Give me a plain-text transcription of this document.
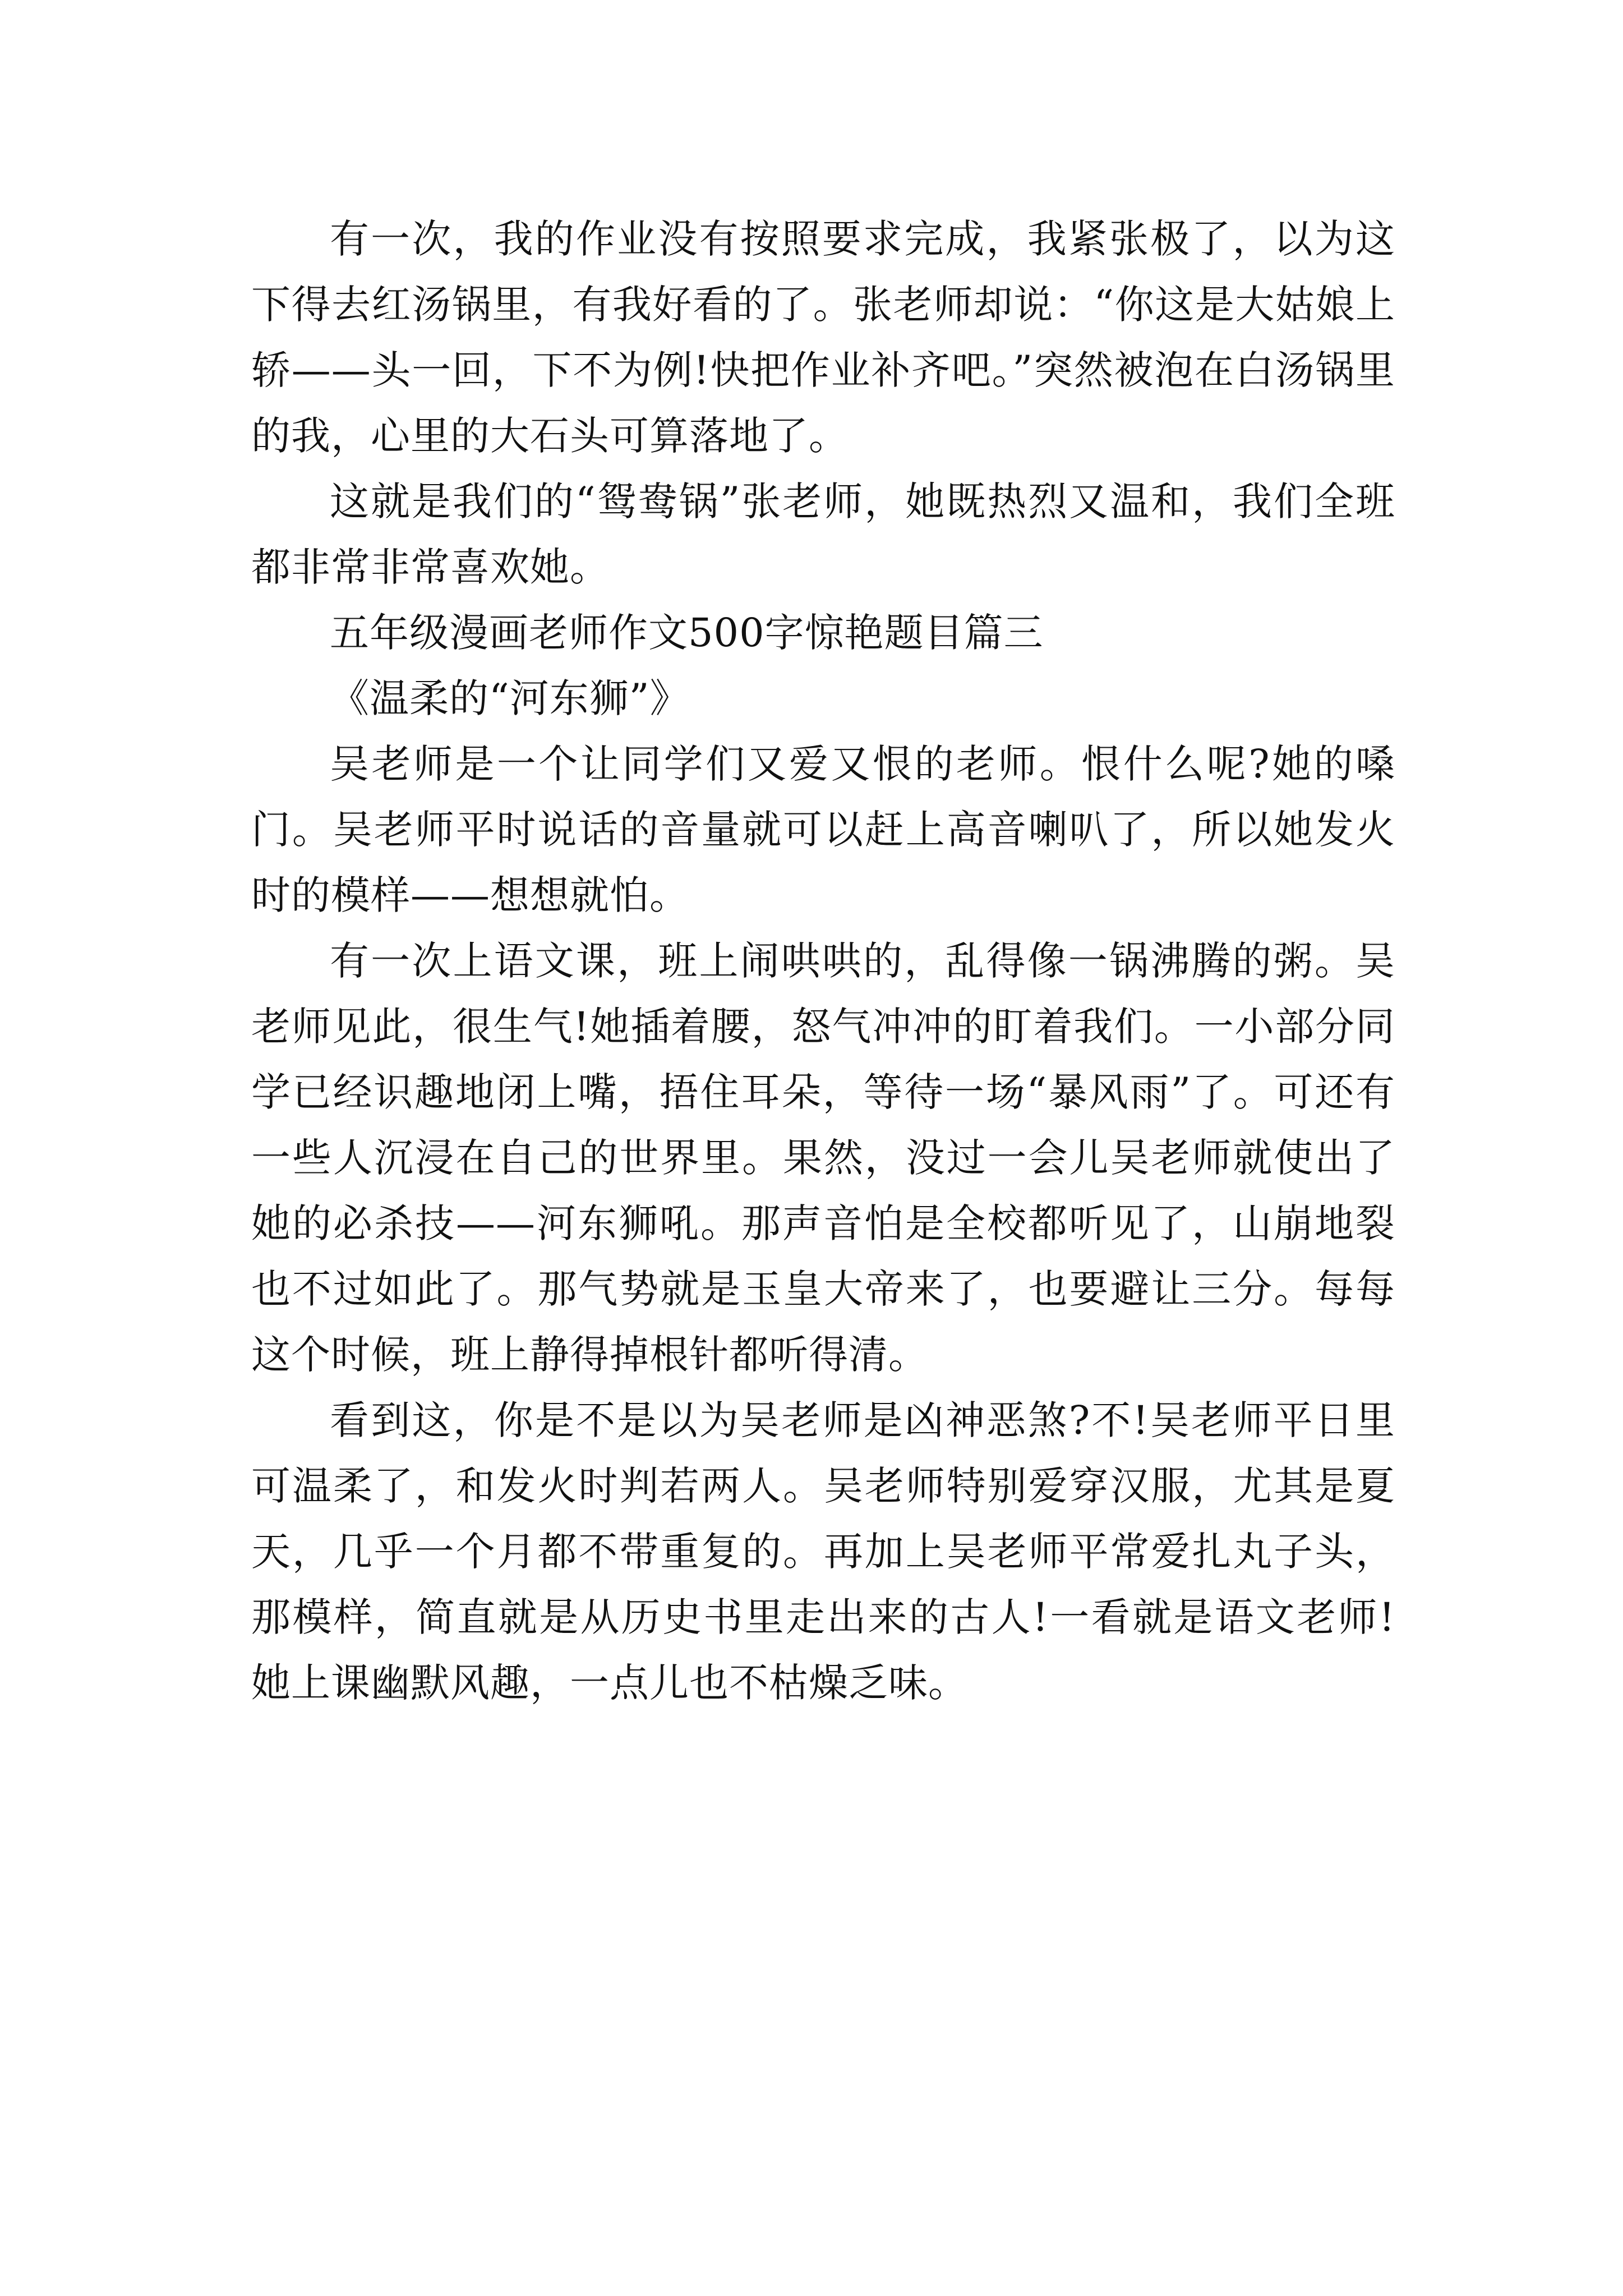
有一次，我的作业没有按照要求完成，我紧张极了，以为这下得去红汤锅里，有我好看的了。张老师却说：“你这是大姑娘上轿——头一回，下不为例!快把作业补齐吧。”突然被泡在白汤锅里的我，心里的大石头可算落地了。

这就是我们的“鸳鸯锅”张老师，她既热烈又温和，我们全班都非常非常喜欢她。

五年级漫画老师作文500字惊艳题目篇三

《温柔的“河东狮”》

吴老师是一个让同学们又爱又恨的老师。恨什么呢?她的嗓门。吴老师平时说话的音量就可以赶上高音喇叭了，所以她发火时的模样——想想就怕。

有一次上语文课，班上闹哄哄的，乱得像一锅沸腾的粥。吴老师见此，很生气!她插着腰，怒气冲冲的盯着我们。一小部分同学已经识趣地闭上嘴，捂住耳朵，等待一场“暴风雨”了。可还有一些人沉浸在自己的世界里。果然，没过一会儿吴老师就使出了她的必杀技——河东狮吼。那声音怕是全校都听见了，山崩地裂也不过如此了。那气势就是玉皇大帝来了，也要避让三分。每每这个时候，班上静得掉根针都听得清。

看到这，你是不是以为吴老师是凶神恶煞?不!吴老师平日里可温柔了，和发火时判若两人。吴老师特别爱穿汉服，尤其是夏天，几乎一个月都不带重复的。再加上吴老师平常爱扎丸子头，那模样，简直就是从历史书里走出来的古人!一看就是语文老师!她上课幽默风趣，一点儿也不枯燥乏味。
